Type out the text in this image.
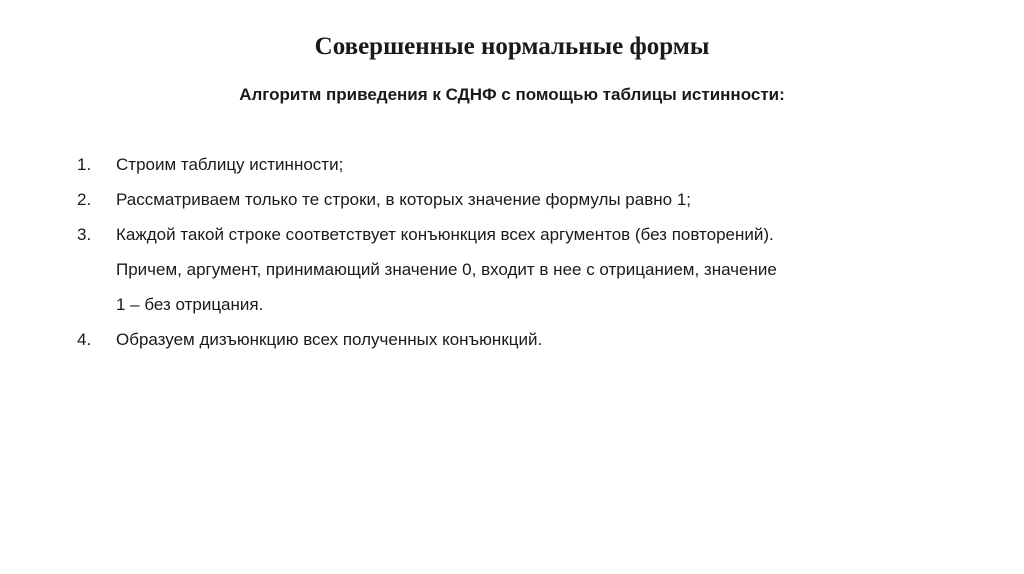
Совершенные нормальные формы
Алгоритм приведения к СДНФ с помощью таблицы истинности:
1.	Строим таблицу истинности;
2.	Рассматриваем только те строки, в которых значение формулы равно 1;
3.	Каждой такой строке соответствует конъюнкция всех аргументов (без повторений).
Причем, аргумент, принимающий значение 0, входит в нее с отрицанием, значение
1 – без отрицания.
4.	Образуем дизъюнкцию всех полученных конъюнкций.
